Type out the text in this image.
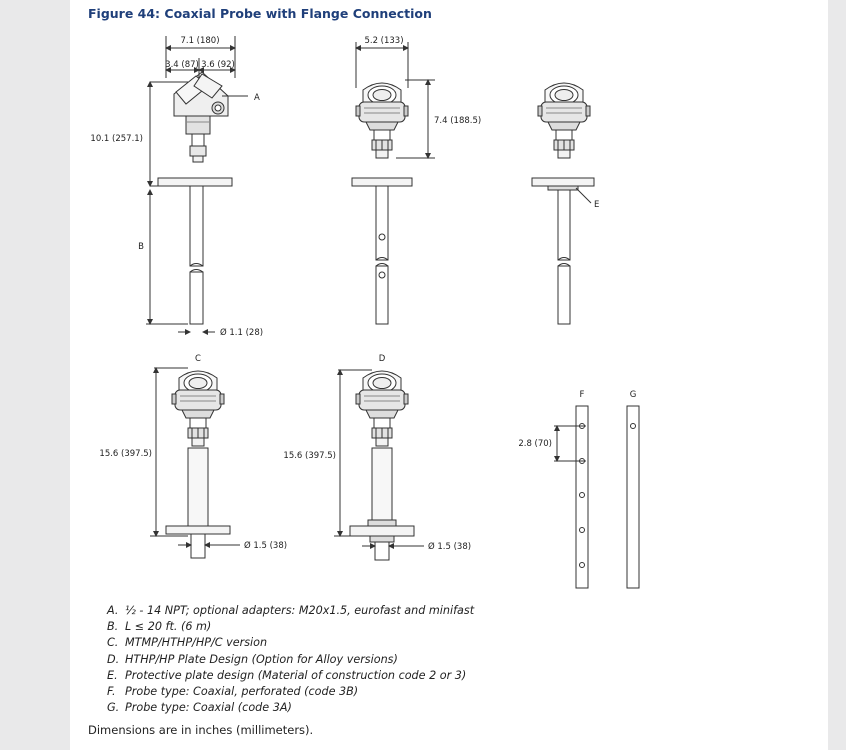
Figure 44: Coaxial Probe with Flange Connection
7.1 (180)
3.4 (87) 3.6 (92)
A
10.1 (257.1)
B
Ø 1.1 (28)
5.2 (133)
7.4 (188.5)
E
C
15.6 (397.5)
Ø 1.5 (38)
D
15.6 (397.5)
Ø 1.5 (38)
F
2.8 (70)
G
A. ½ - 14 NPT; optional adapters: M20x1.5, eurofast and minifast
B. L ≤ 20 ft. (6 m)
C. MTMP/HTHP/HP/C version
D. HTHP/HP Plate Design (Option for Alloy versions)
E. Protective plate design (Material of construction code 2 or 3)
F. Probe type: Coaxial, perforated (code 3B)
G. Probe type: Coaxial (code 3A)

Dimensions are in inches (millimeters).
